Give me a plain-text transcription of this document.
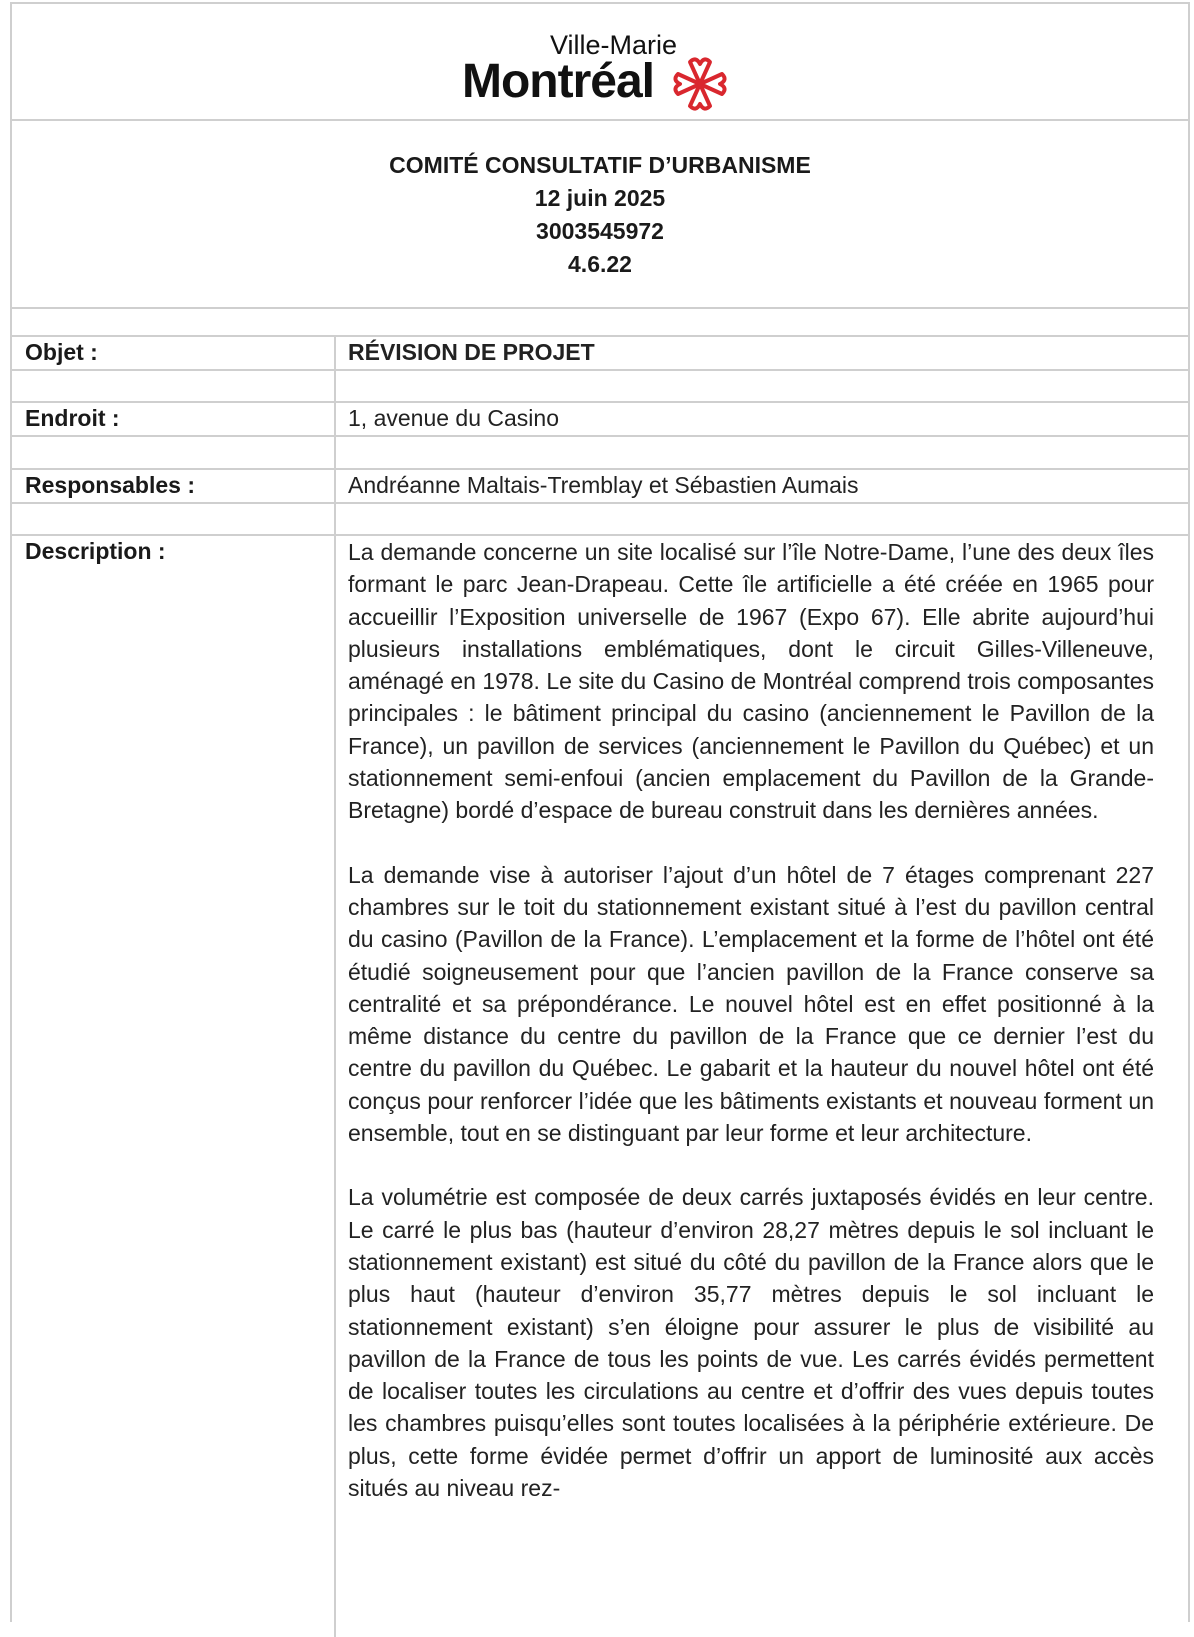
Ville-Marie
Montréal
COMITÉ CONSULTATIF D’URBANISME
12 juin 2025
3003545972
4.6.22
Objet :	RÉVISION DE PROJET
Endroit :	1, avenue du Casino
Responsables :	Andréanne Maltais-Tremblay et Sébastien Aumais
Description :	La demande concerne un site localisé sur l’île Notre-Dame, l’une des deux îles formant le parc Jean-Drapeau. Cette île artificielle a été créée en 1965 pour accueillir l’Exposition universelle de 1967 (Expo 67). Elle abrite aujourd’hui plusieurs installations emblématiques, dont le circuit Gilles-Villeneuve, aménagé en 1978. Le site du Casino de Montréal comprend trois composantes principales : le bâtiment principal du casino (anciennement le Pavillon de la France), un pavillon de services (anciennement le Pavillon du Québec) et un stationnement semi-enfoui (ancien emplacement du Pavillon de la Grande-Bretagne) bordé d’espace de bureau construit dans les dernières années.

La demande vise à autoriser l’ajout d’un hôtel de 7 étages comprenant 227 chambres sur le toit du stationnement existant situé à l’est du pavillon central du casino (Pavillon de la France). L’emplacement et la forme de l’hôtel ont été étudié soigneusement pour que l’ancien pavillon de la France conserve sa centralité et sa prépondérance. Le nouvel hôtel est en effet positionné à la même distance du centre du pavillon de la France que ce dernier l’est du centre du pavillon du Québec. Le gabarit et la hauteur du nouvel hôtel ont été conçus pour renforcer l’idée que les bâtiments existants et nouveau forment un ensemble, tout en se distinguant par leur forme et leur architecture.

La volumétrie est composée de deux carrés juxtaposés évidés en leur centre. Le carré le plus bas (hauteur d’environ 28,27 mètres depuis le sol incluant le stationnement existant) est situé du côté du pavillon de la France alors que le plus haut (hauteur d’environ 35,77 mètres depuis le sol incluant le stationnement existant) s’en éloigne pour assurer le plus de visibilité au pavillon de la France de tous les points de vue. Les carrés évidés permettent de localiser toutes les circulations au centre et d’offrir des vues depuis toutes les chambres puisqu’elles sont toutes localisées à la périphérie extérieure. De plus, cette forme évidée permet d’offrir un apport de luminosité aux accès situés au niveau rez-
